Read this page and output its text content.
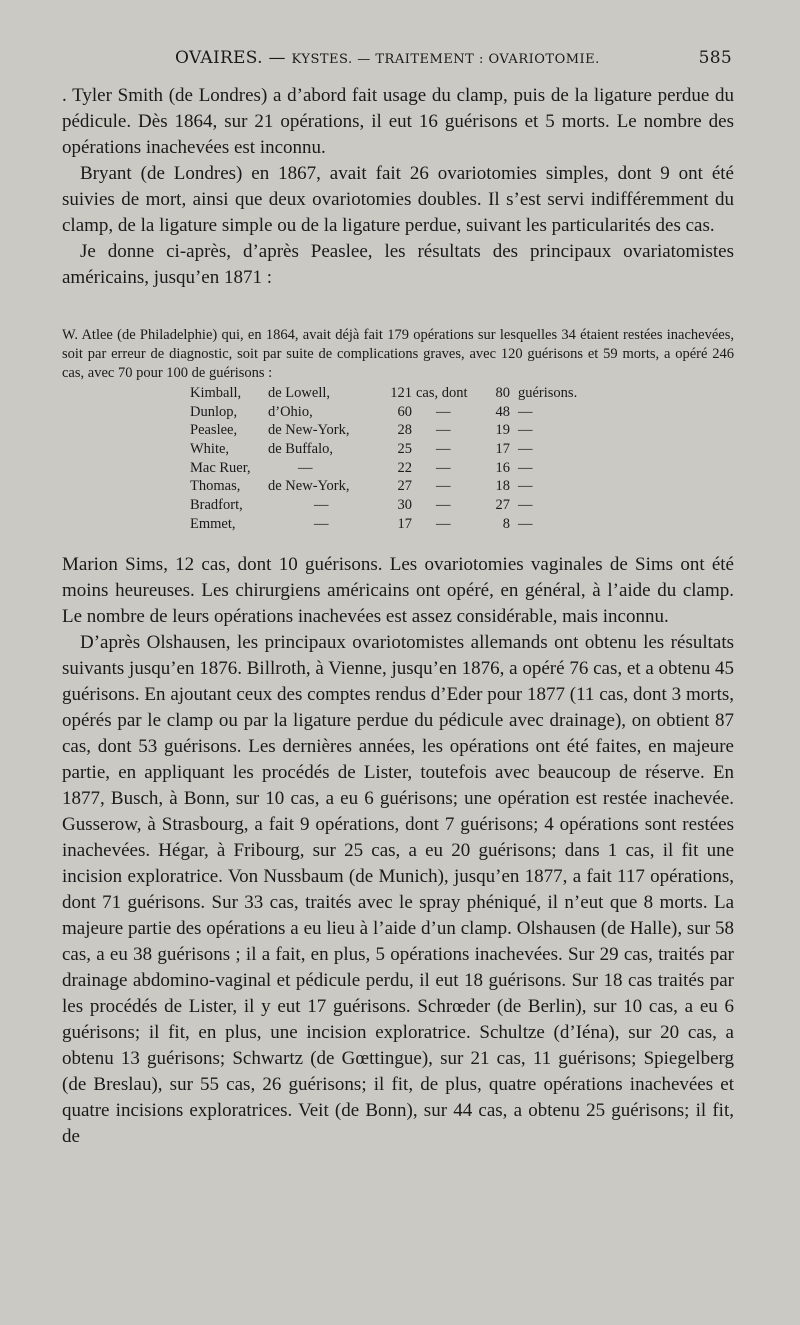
OVAIRES. — KYSTES. — TRAITEMENT : OVARIOTOMIE.	585

. Tyler Smith (de Londres) a d’abord fait usage du clamp, puis de la ligature perdue du pédicule. Dès 1864, sur 21 opérations, il eut 16 guérisons et 5 morts. Le nombre des opérations inachevées est inconnu.

Bryant (de Londres) en 1867, avait fait 26 ovariotomies simples, dont 9 ont été suivies de mort, ainsi que deux ovariotomies doubles. Il s’est servi indifféremment du clamp, de la ligature simple ou de la ligature perdue, suivant les particularités des cas.

Je donne ci-après, d’après Peaslee, les résultats des principaux ovariatomistes américains, jusqu’en 1871 :

W. Atlee (de Philadelphie) qui, en 1864, avait déjà fait 179 opérations sur lesquelles 34 étaient restées inachevées, soit par erreur de diagnostic, soit par suite de complications graves, avec 120 guérisons et 59 morts, a opéré 246 cas, avec 70 pour 100 de guérisons :

Kimball, de Lowell,	121 cas, dont	80 guérisons.
Dunlop, d’Ohio,	60 —	48 —
Peaslee, de New-York,	28 —	19 —
White,	de Buffalo,	25 —	17 —
Mac Ruer,	—	22 —	16 —
Thomas, de New-York,	27 —	18 —
Bradfort,	—	30 —	27 —
Emmet,	—	17 —	8 —

Marion Sims, 12 cas, dont 10 guérisons. Les ovariotomies vaginales de Sims ont été moins heureuses. Les chirurgiens américains ont opéré, en général, à l’aide du clamp. Le nombre de leurs opérations inachevées est assez considérable, mais inconnu.

D’après Olshausen, les principaux ovariotomistes allemands ont obtenu les résultats suivants jusqu’en 1876. Billroth, à Vienne, jusqu’en 1876, a opéré 76 cas, et a obtenu 45 guérisons. En ajoutant ceux des comptes rendus d’Eder pour 1877 (11 cas, dont 3 morts, opérés par le clamp ou par la ligature perdue du pédicule avec drainage), on obtient 87 cas, dont 53 guérisons. Les dernières années, les opérations ont été faites, en majeure partie, en appliquant les procédés de Lister, toutefois avec beaucoup de réserve. En 1877, Busch, à Bonn, sur 10 cas, a eu 6 guérisons; une opération est restée inachevée. Gusserow, à Strasbourg, a fait 9 opérations, dont 7 guérisons; 4 opérations sont restées inachevées. Hégar, à Fribourg, sur 25 cas, a eu 20 guérisons; dans 1 cas, il fit une incision exploratrice. Von Nussbaum (de Munich), jusqu’en 1877, a fait 117 opérations, dont 71 guérisons. Sur 33 cas, traités avec le spray phéniqué, il n’eut que 8 morts. La majeure partie des opérations a eu lieu à l’aide d’un clamp. Olshausen (de Halle), sur 58 cas, a eu 38 guérisons ; il a fait, en plus, 5 opérations inachevées. Sur 29 cas, traités par drainage abdomino-vaginal et pédicule perdu, il eut 18 guérisons. Sur 18 cas traités par les procédés de Lister, il y eut 17 guérisons. Schrœder (de Berlin), sur 10 cas, a eu 6 guérisons; il fit, en plus, une incision exploratrice. Schultze (d’Iéna), sur 20 cas, a obtenu 13 guérisons; Schwartz (de Gœttingue), sur 21 cas, 11 guérisons; Spiegelberg (de Breslau), sur 55 cas, 26 guérisons; il fit, de plus, quatre opérations inachevées et quatre incisions exploratrices. Veit (de Bonn), sur 44 cas, a obtenu 25 guérisons; il fit, de
